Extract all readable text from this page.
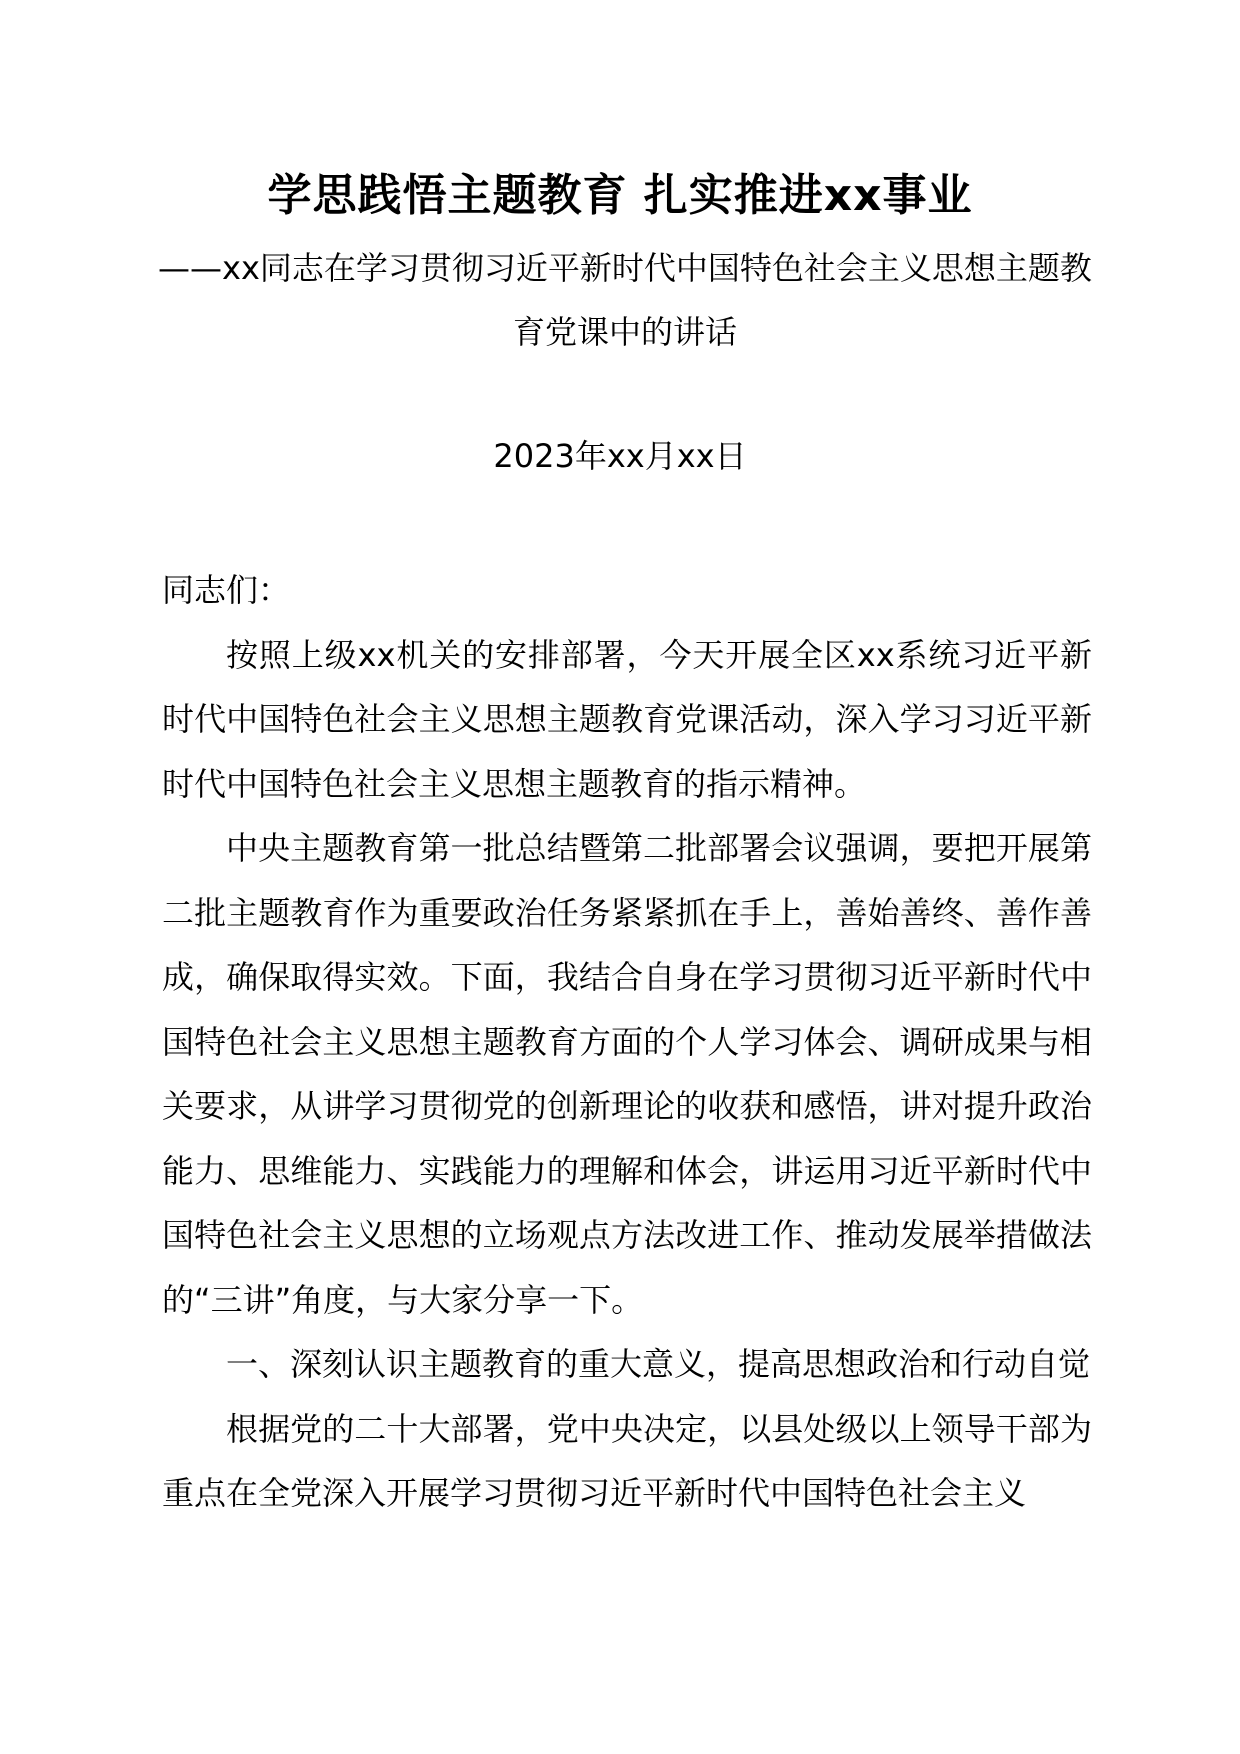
学思践悟主题教育 扎实推进xx事业

——xx同志在学习贯彻习近平新时代中国特色社会主义思想主题教育党课中的讲话

2023年xx月xx日

同志们：

按照上级xx机关的安排部署，今天开展全区xx系统习近平新时代中国特色社会主义思想主题教育党课活动，深入学习习近平新时代中国特色社会主义思想主题教育的指示精神。

中央主题教育第一批总结暨第二批部署会议强调，要把开展第二批主题教育作为重要政治任务紧紧抓在手上，善始善终、善作善成，确保取得实效。下面，我结合自身在学习贯彻习近平新时代中国特色社会主义思想主题教育方面的个人学习体会、调研成果与相关要求，从讲学习贯彻党的创新理论的收获和感悟，讲对提升政治能力、思维能力、实践能力的理解和体会，讲运用习近平新时代中国特色社会主义思想的立场观点方法改进工作、推动发展举措做法的“三讲”角度，与大家分享一下。

一、深刻认识主题教育的重大意义，提高思想政治和行动自觉

根据党的二十大部署，党中央决定，以县处级以上领导干部为重点在全党深入开展学习贯彻习近平新时代中国特色社会主义
